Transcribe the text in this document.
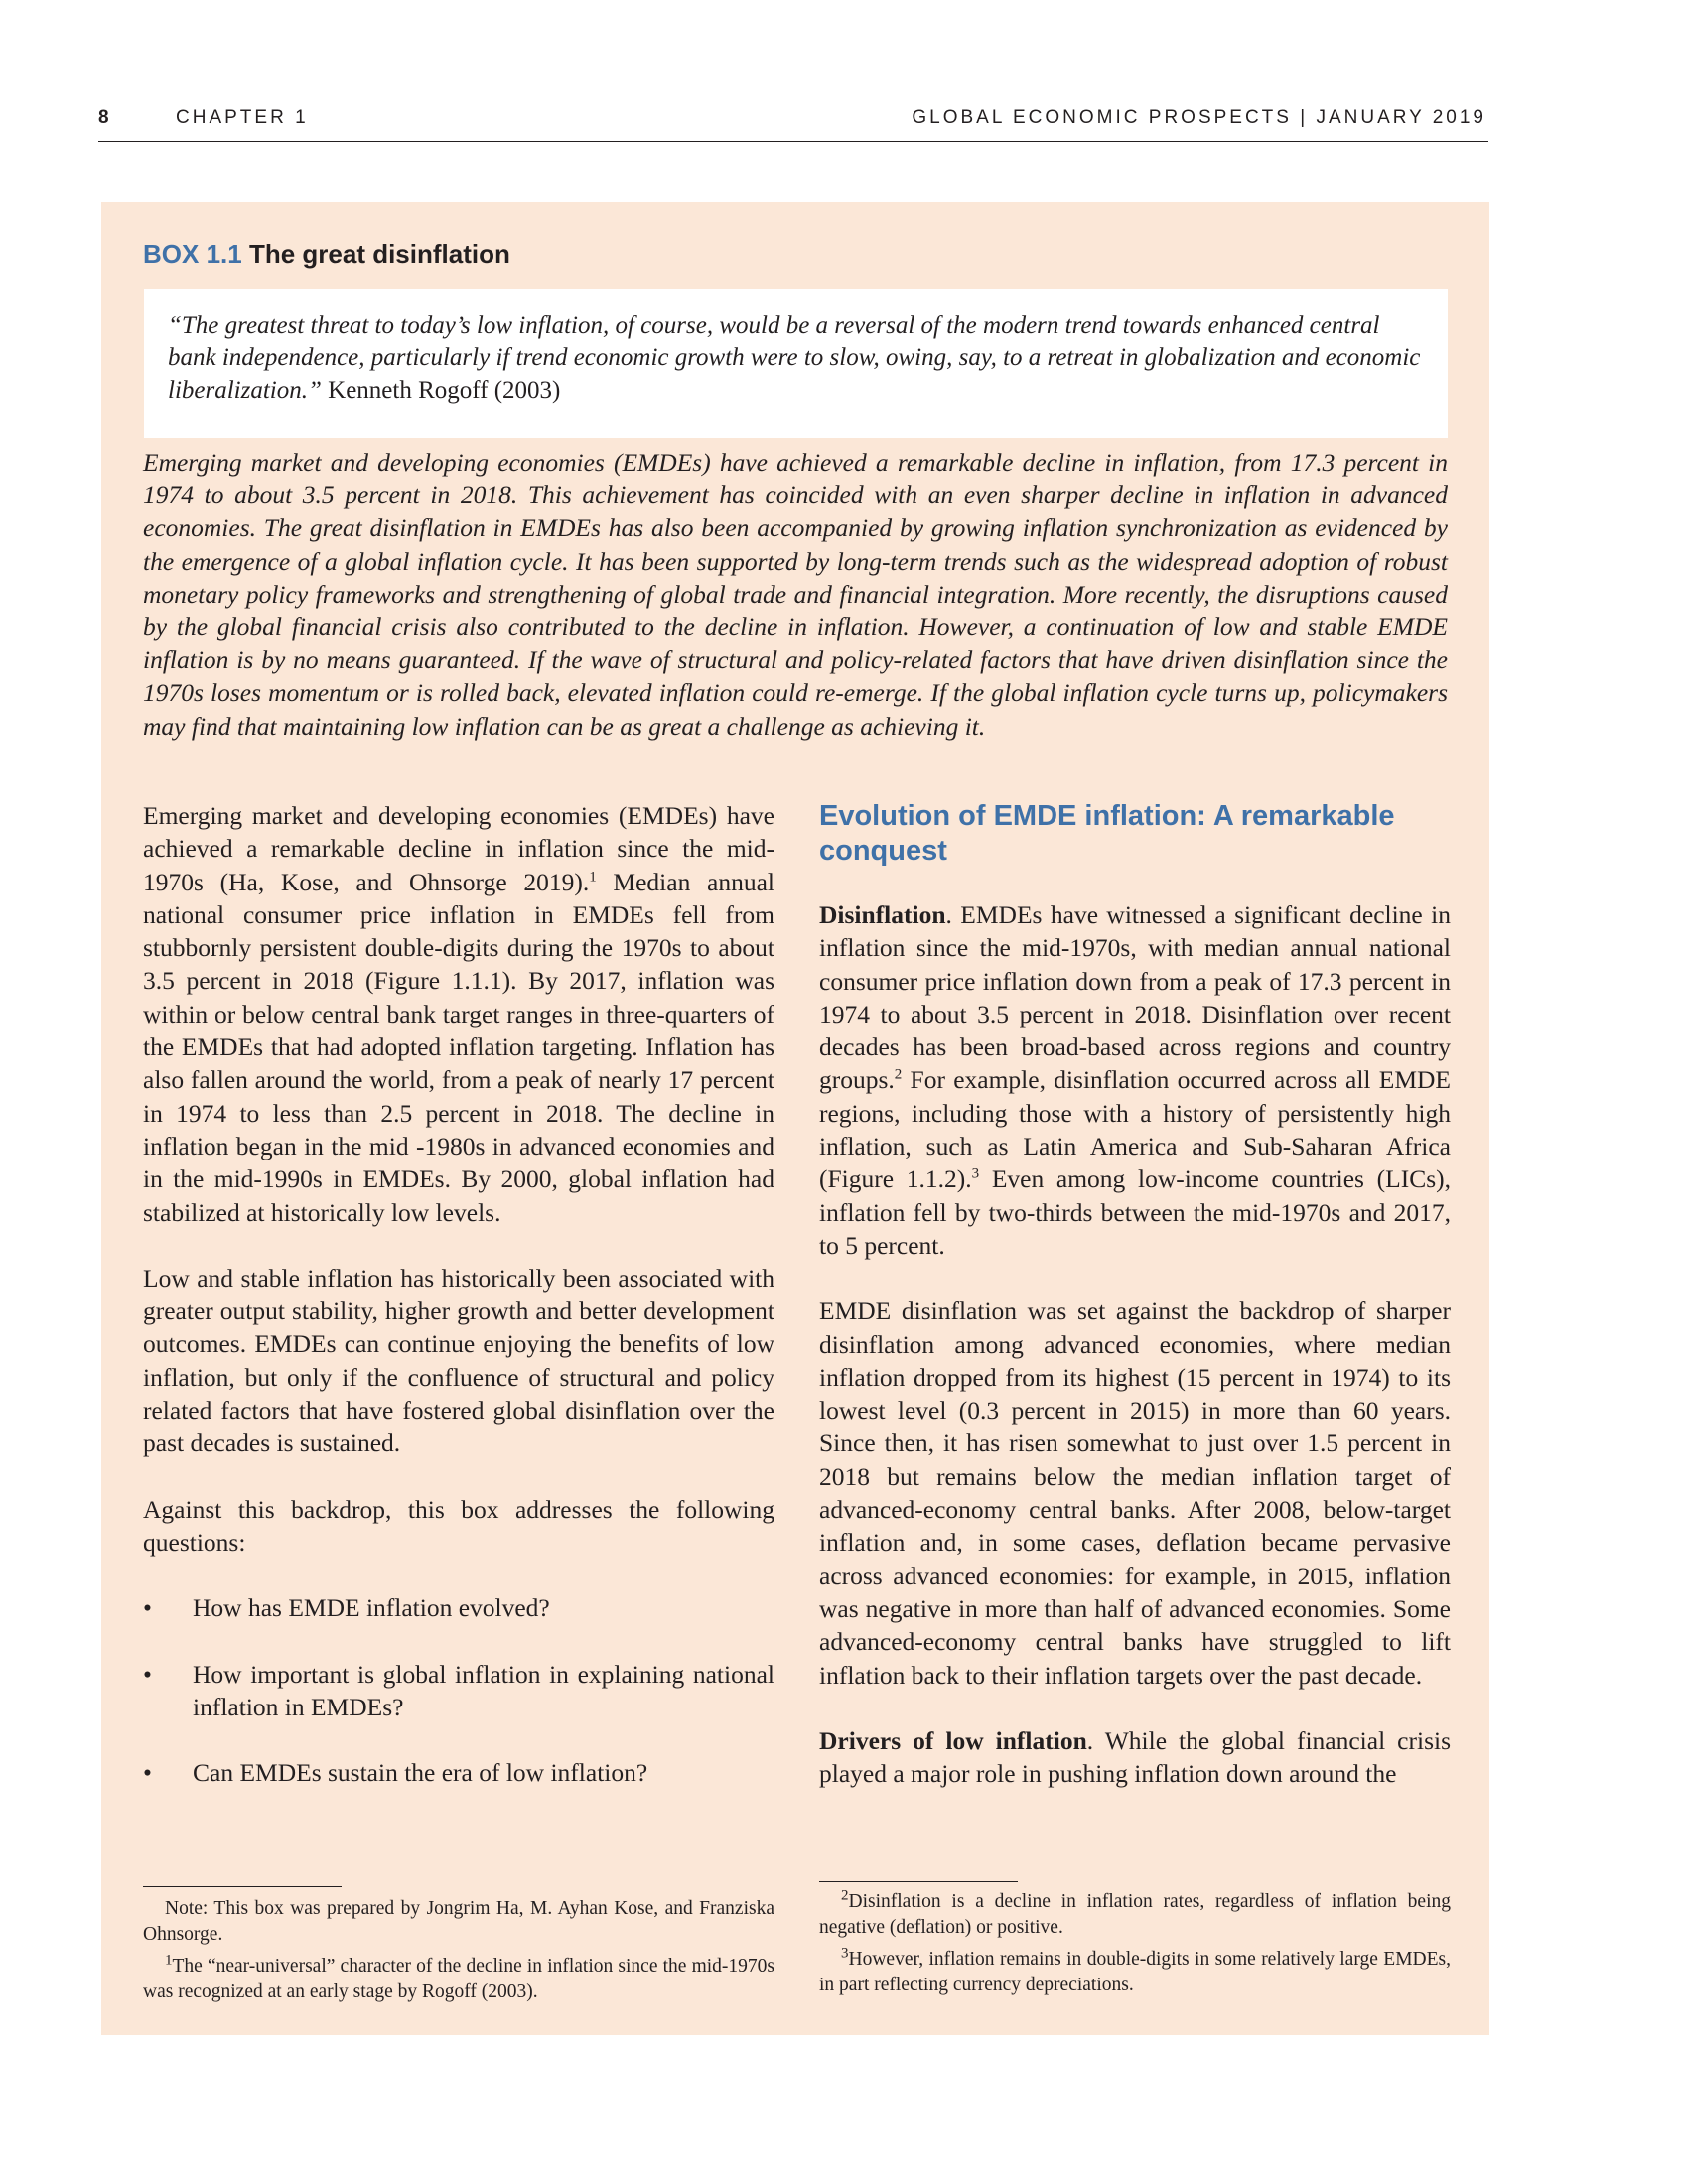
8	CHAPTER 1	GLOBAL ECONOMIC PROSPECTS | JANUARY 2019
BOX 1.1 The great disinflation
“The greatest threat to today’s low inflation, of course, would be a reversal of the modern trend towards enhanced central bank independence, particularly if trend economic growth were to slow, owing, say, to a retreat in globalization and economic liberalization.” Kenneth Rogoff (2003)

Emerging market and developing economies (EMDEs) have achieved a remarkable decline in inflation, from 17.3 percent in 1974 to about 3.5 percent in 2018. This achievement has coincided with an even sharper decline in inflation in advanced economies. The great disinflation in EMDEs has also been accompanied by growing inflation synchronization as evidenced by the emergence of a global inflation cycle. It has been supported by long-term trends such as the widespread adoption of robust monetary policy frameworks and strengthening of global trade and financial integration. More recently, the disruptions caused by the global financial crisis also contributed to the decline in inflation. However, a continuation of low and stable EMDE inflation is by no means guaranteed. If the wave of structural and policy-related factors that have driven disinflation since the 1970s loses momentum or is rolled back, elevated inflation could re-emerge. If the global inflation cycle turns up, policymakers may find that maintaining low inflation can be as great a challenge as achieving it.

Emerging market and developing economies (EMDEs) have achieved a remarkable decline in inflation since the mid-1970s (Ha, Kose, and Ohnsorge 2019).$^1$ Median annual national consumer price inflation in EMDEs fell from stubbornly persistent double-digits during the 1970s to about 3.5 percent in 2018 (Figure 1.1.1). By 2017, inflation was within or below central bank target ranges in three-quarters of the EMDEs that had adopted inflation targeting. Inflation has also fallen around the world, from a peak of nearly 17 percent in 1974 to less than 2.5 percent in 2018. The decline in inflation began in the mid -1980s in advanced economies and in the mid-1990s in EMDEs. By 2000, global inflation had stabilized at historically low levels.

Low and stable inflation has historically been associated with greater output stability, higher growth and better development outcomes. EMDEs can continue enjoying the benefits of low inflation, but only if the confluence of structural and policy related factors that have fostered global disinflation over the past decades is sustained.

Against this backdrop, this box addresses the following questions:

• How has EMDE inflation evolved?
• How important is global inflation in explaining national inflation in EMDEs?
• Can EMDEs sustain the era of low inflation?
Evolution of EMDE inflation: A remarkable conquest

Disinflation. EMDEs have witnessed a significant decline in inflation since the mid-1970s, with median annual national consumer price inflation down from a peak of 17.3 percent in 1974 to about 3.5 percent in 2018. Disinflation over recent decades has been broad-based across regions and country groups.$^2$ For example, disinflation occurred across all EMDE regions, including those with a history of persistently high inflation, such as Latin America and Sub-Saharan Africa (Figure 1.1.2).$^3$ Even among low-income countries (LICs), inflation fell by two-thirds between the mid-1970s and 2017, to 5 percent.

EMDE disinflation was set against the backdrop of sharper disinflation among advanced economies, where median inflation dropped from its highest (15 percent in 1974) to its lowest level (0.3 percent in 2015) in more than 60 years. Since then, it has risen somewhat to just over 1.5 percent in 2018 but remains below the median inflation target of advanced-economy central banks. After 2008, below-target inflation and, in some cases, deflation became pervasive across advanced economies: for example, in 2015, inflation was negative in more than half of advanced economies. Some advanced-economy central banks have struggled to lift inflation back to their inflation targets over the past decade.

Drivers of low inflation. While the global financial crisis played a major role in pushing inflation down around the

Note: This box was prepared by Jongrim Ha, M. Ayhan Kose, and Franziska Ohnsorge.

$^1$The “near-universal” character of the decline in inflation since the mid-1970s was recognized at an early stage by Rogoff (2003).

$^2$Disinflation is a decline in inflation rates, regardless of inflation being negative (deflation) or positive.

$^3$However, inflation remains in double-digits in some relatively large EMDEs, in part reflecting currency depreciations.
